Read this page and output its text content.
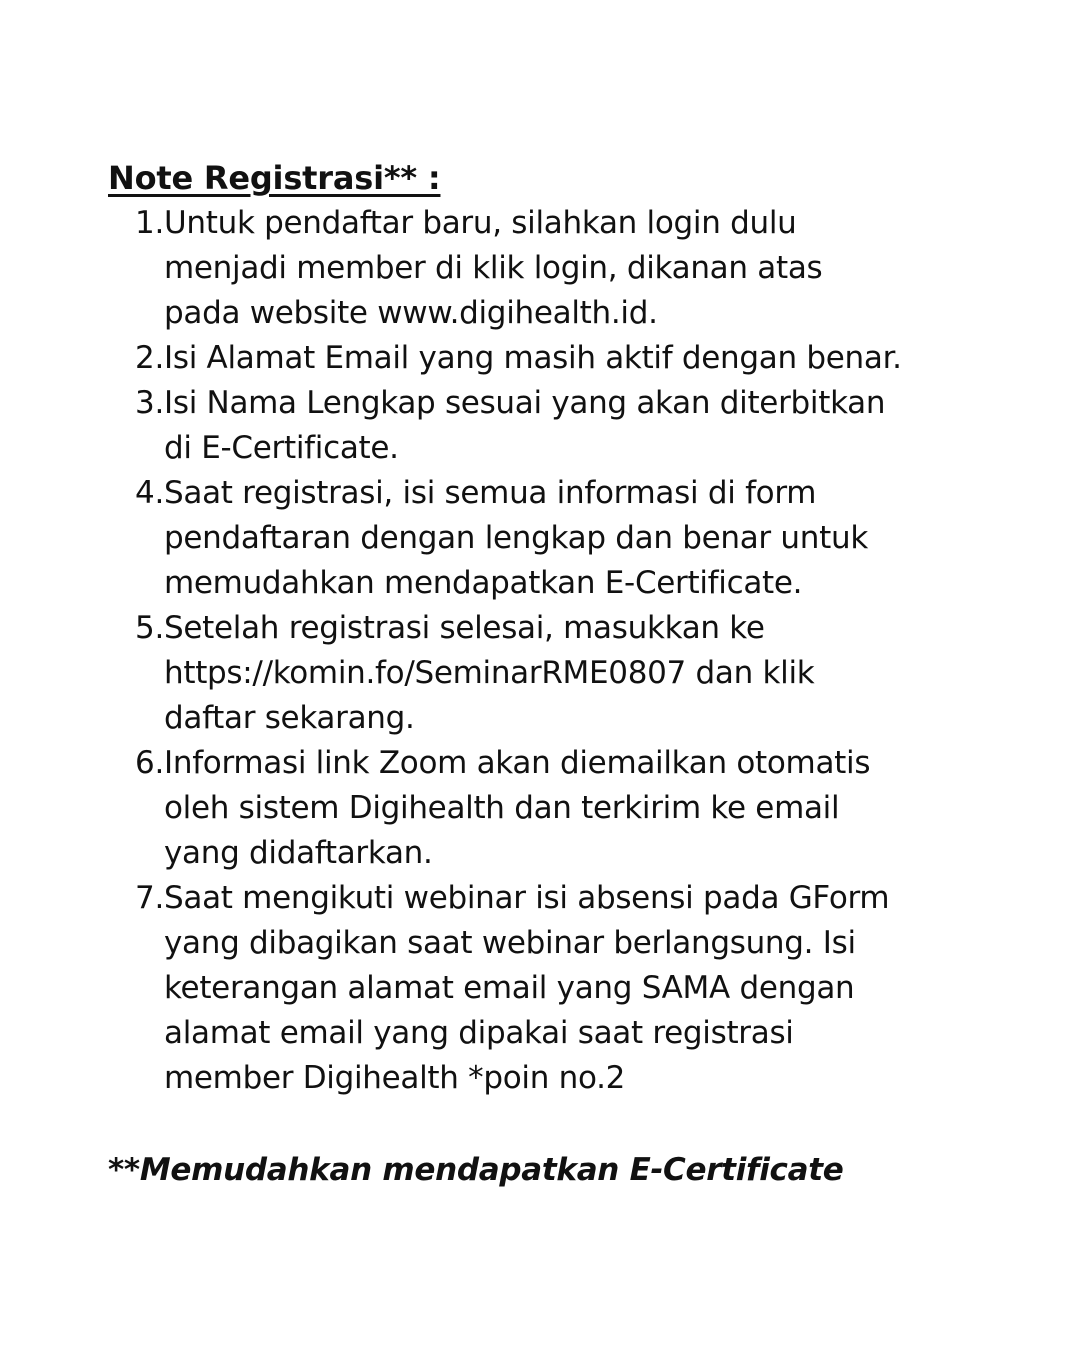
Note Registrasi** :
1. Untuk pendaftar baru, silahkan login dulu
menjadi member di klik login, dikanan atas
pada website www.digihealth.id.
2. Isi Alamat Email yang masih aktif dengan benar.
3. Isi Nama Lengkap sesuai yang akan diterbitkan
di E-Certificate.
4. Saat registrasi, isi semua informasi di form
pendaftaran dengan lengkap dan benar untuk
memudahkan mendapatkan E-Certificate.
5. Setelah registrasi selesai, masukkan ke
https://komin.fo/SeminarRME0807 dan klik
daftar sekarang.
6. Informasi link Zoom akan diemailkan otomatis
oleh sistem Digihealth dan terkirim ke email
yang didaftarkan.
7. Saat mengikuti webinar isi absensi pada GForm
yang dibagikan saat webinar berlangsung. Isi
keterangan alamat email yang SAMA dengan
alamat email yang dipakai saat registrasi
member Digihealth *poin no.2

**Memudahkan mendapatkan E-Certificate
